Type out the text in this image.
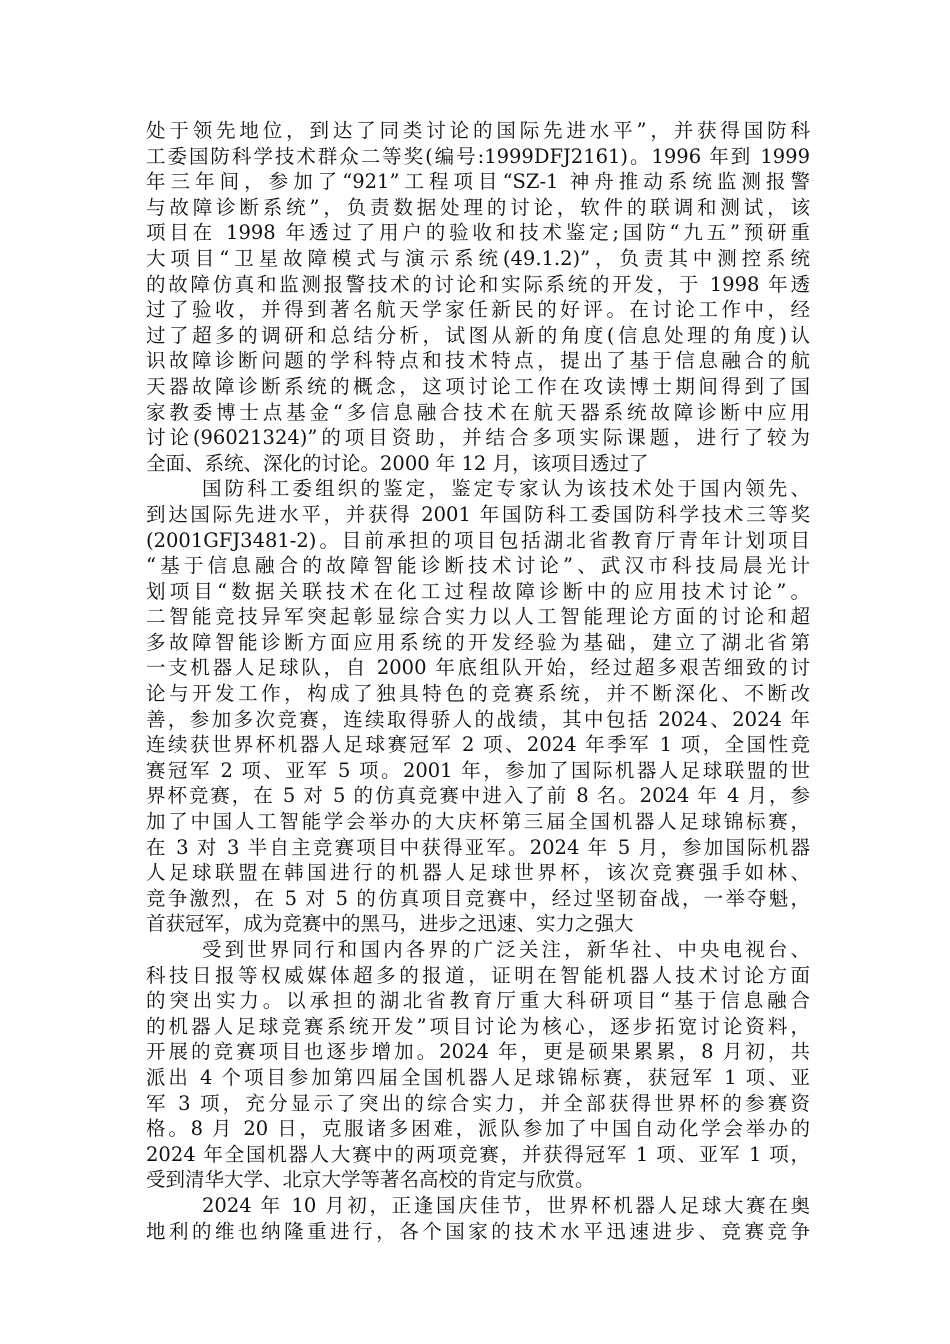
处于领先地位，到达了同类讨论的国际先进水平”，并获得国防科
工委国防科学技术群众二等奖(编号:1999DFJ2161)。1996 年到 1999
年三年间，参加了“921”工程项目“SZ-1 神舟推动系统监测报警
与故障诊断系统”，负责数据处理的讨论，软件的联调和测试，该
项目在 1998 年透过了用户的验收和技术鉴定;国防“九五”预研重
大项目“卫星故障模式与演示系统(49.1.2)”，负责其中测控系统
的故障仿真和监测报警技术的讨论和实际系统的开发，于 1998 年透
过了验收，并得到著名航天学家任新民的好评。在讨论工作中，经
过了超多的调研和总结分析，试图从新的角度(信息处理的角度)认
识故障诊断问题的学科特点和技术特点，提出了基于信息融合的航
天器故障诊断系统的概念，这项讨论工作在攻读博士期间得到了国
家教委博士点基金“多信息融合技术在航天器系统故障诊断中应用
讨论(96021324)”的项目资助，并结合多项实际课题，进行了较为
全面、系统、深化的讨论。2000 年 12 月，该项目透过了
国防科工委组织的鉴定，鉴定专家认为该技术处于国内领先、
到达国际先进水平，并获得 2001 年国防科工委国防科学技术三等奖
(2001GFJ3481-2)。目前承担的项目包括湖北省教育厅青年计划项目
“基于信息融合的故障智能诊断技术讨论”、武汉市科技局晨光计
划项目“数据关联技术在化工过程故障诊断中的应用技术讨论”。
二智能竞技异军突起彰显综合实力以人工智能理论方面的讨论和超
多故障智能诊断方面应用系统的开发经验为基础，建立了湖北省第
一支机器人足球队，自 2000 年底组队开始，经过超多艰苦细致的讨
论与开发工作，构成了独具特色的竞赛系统，并不断深化、不断改
善，参加多次竞赛，连续取得骄人的战绩，其中包括 2024、2024 年
连续获世界杯机器人足球赛冠军 2 项、2024 年季军 1 项，全国性竞
赛冠军 2 项、亚军 5 项。2001 年，参加了国际机器人足球联盟的世
界杯竞赛，在 5 对 5 的仿真竞赛中进入了前 8 名。2024 年 4 月，参
加了中国人工智能学会举办的大庆杯第三届全国机器人足球锦标赛，
在 3 对 3 半自主竞赛项目中获得亚军。2024 年 5 月，参加国际机器
人足球联盟在韩国进行的机器人足球世界杯，该次竞赛强手如林、
竞争激烈，在 5 对 5 的仿真项目竞赛中，经过坚韧奋战，一举夺魁，
首获冠军，成为竞赛中的黑马，进步之迅速、实力之强大
受到世界同行和国内各界的广泛关注，新华社、中央电视台、
科技日报等权威媒体超多的报道，证明在智能机器人技术讨论方面
的突出实力。以承担的湖北省教育厅重大科研项目“基于信息融合
的机器人足球竞赛系统开发”项目讨论为核心，逐步拓宽讨论资料，
开展的竞赛项目也逐步增加。2024 年，更是硕果累累，8 月初，共
派出 4 个项目参加第四届全国机器人足球锦标赛，获冠军 1 项、亚
军 3 项，充分显示了突出的综合实力，并全部获得世界杯的参赛资
格。8 月 20 日，克服诸多困难，派队参加了中国自动化学会举办的
2024 年全国机器人大赛中的两项竞赛，并获得冠军 1 项、亚军 1 项，
受到清华大学、北京大学等著名高校的肯定与欣赏。
2024 年 10 月初，正逢国庆佳节，世界杯机器人足球大赛在奥
地利的维也纳隆重进行，各个国家的技术水平迅速进步、竞赛竞争
